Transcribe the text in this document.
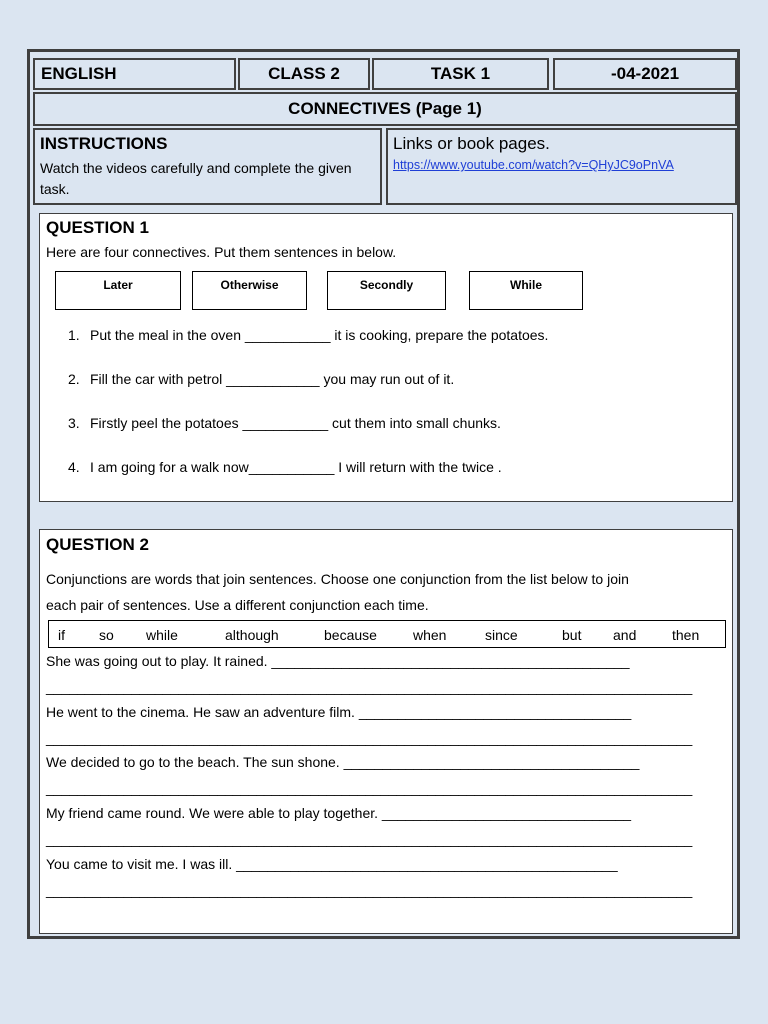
ENGLISH	CLASS 2	TASK 1	-04-2021
CONNECTIVES (Page 1)
INSTRUCTIONS
Watch the videos carefully and complete the given task.
Links or book pages.
https://www.youtube.com/watch?v=QHyJC9oPnVA
QUESTION 1
Here are four connectives. Put them sentences in below.
Later	Otherwise	Secondly	While
1. Put the meal in the oven ___________ it is cooking, prepare the potatoes.
2. Fill the car with petrol ____________ you may run out of it.
3. Firstly peel the potatoes ___________ cut them into small chunks.
4. I am going for a walk now___________ I will return with the twice .
QUESTION 2
Conjunctions are words that join sentences. Choose one conjunction from the list below to join
each pair of sentences. Use a different conjunction each time.
if so while	although	because	when	since	but and	then
She was going out to play. It rained. ______________________________________________
___________________________________________________________________________________
He went to the cinema. He saw an adventure film. ___________________________________
___________________________________________________________________________________
We decided to go to the beach. The sun shone. ______________________________________
___________________________________________________________________________________
My friend came round. We were able to play together. ________________________________
___________________________________________________________________________________
You came to visit me. I was ill. _________________________________________________
___________________________________________________________________________________
